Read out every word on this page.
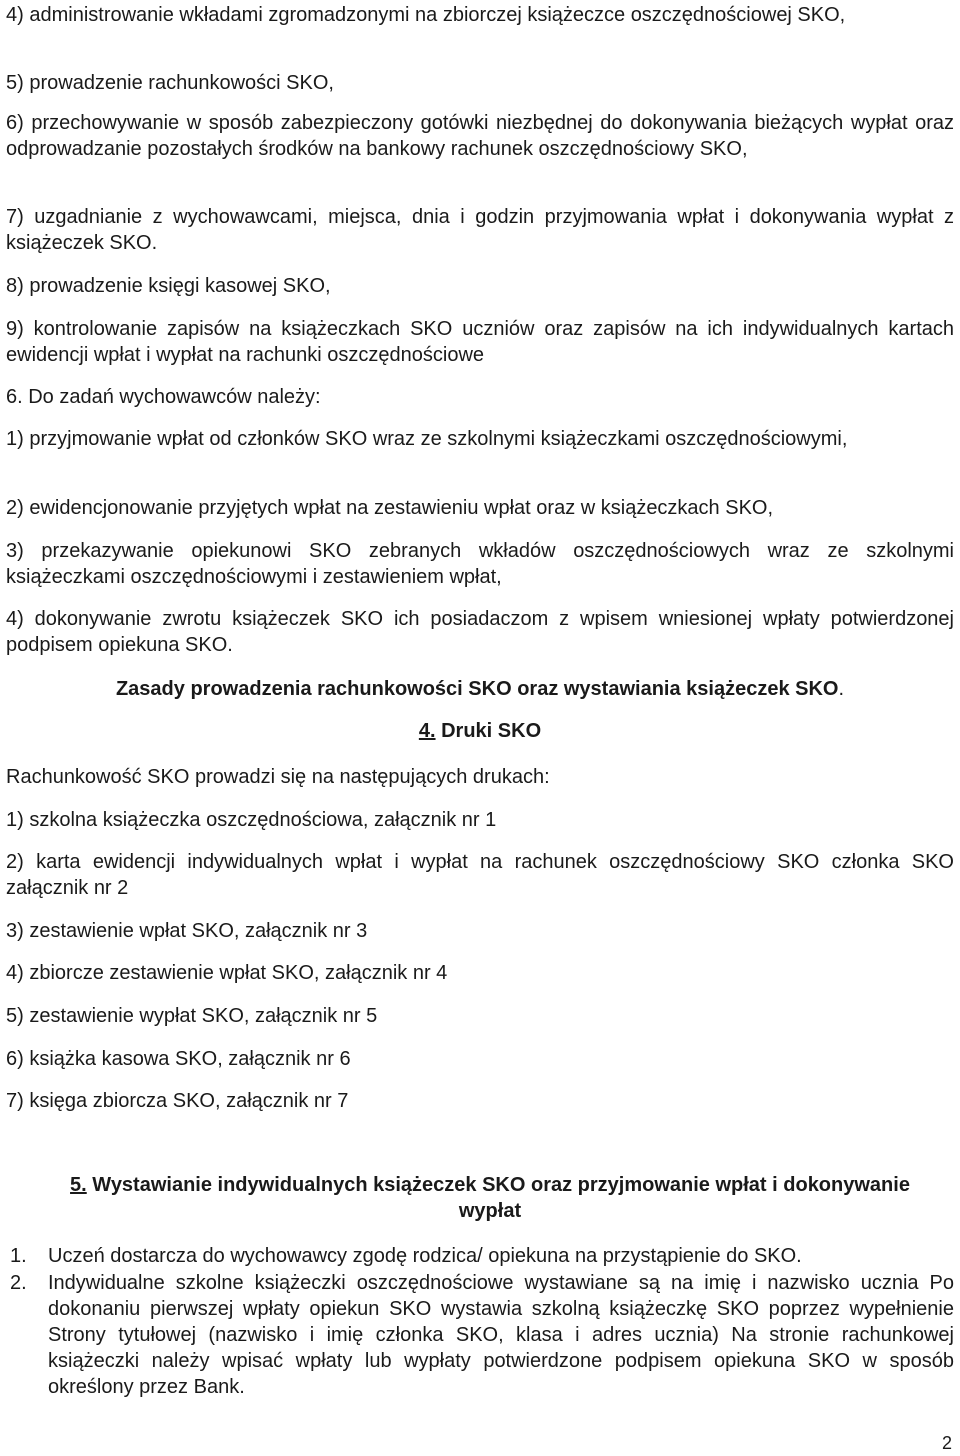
4) administrowanie wkładami zgromadzonymi na zbiorczej książeczce oszczędnościowej SKO,

5) prowadzenie rachunkowości SKO,

6) przechowywanie w sposób zabezpieczony gotówki niezbędnej do dokonywania bieżących wypłat oraz odprowadzanie pozostałych środków na bankowy rachunek oszczędnościowy SKO,

7) uzgadnianie z wychowawcami, miejsca, dnia i godzin przyjmowania wpłat i dokonywania wypłat z książeczek SKO.

8) prowadzenie księgi kasowej SKO,

9) kontrolowanie zapisów na książeczkach SKO uczniów oraz zapisów na ich indywidualnych kartach ewidencji wpłat i wypłat na rachunki oszczędnościowe

6. Do zadań wychowawców należy:

1) przyjmowanie wpłat od członków SKO wraz ze szkolnymi książeczkami oszczędnościowymi,

2) ewidencjonowanie przyjętych wpłat na zestawieniu wpłat oraz w książeczkach SKO,

3) przekazywanie opiekunowi SKO zebranych wkładów oszczędnościowych wraz ze szkolnymi książeczkami oszczędnościowymi i zestawieniem wpłat,

4) dokonywanie zwrotu książeczek SKO ich posiadaczom z wpisem wniesionej wpłaty potwierdzonej podpisem opiekuna SKO.

Zasady prowadzenia rachunkowości SKO oraz wystawiania książeczek SKO.

4. Druki SKO

Rachunkowość SKO prowadzi się na następujących drukach:

1) szkolna książeczka oszczędnościowa, załącznik nr 1

2) karta ewidencji indywidualnych wpłat i wypłat na rachunek oszczędnościowy SKO członka SKO załącznik nr 2

3) zestawienie wpłat SKO, załącznik nr 3

4) zbiorcze zestawienie wpłat SKO, załącznik nr 4

5) zestawienie wypłat SKO, załącznik nr 5

6) książka kasowa SKO, załącznik nr 6

7) księga zbiorcza SKO, załącznik nr 7

5. Wystawianie indywidualnych książeczek SKO oraz przyjmowanie wpłat i dokonywanie wypłat

1.	Uczeń dostarcza do wychowawcy zgodę rodzica/ opiekuna na przystąpienie do SKO.
2.	Indywidualne szkolne książeczki oszczędnościowe wystawiane są na imię i nazwisko ucznia Po dokonaniu pierwszej wpłaty opiekun SKO wystawia szkolną książeczkę SKO poprzez wypełnienie Strony tytułowej (nazwisko i imię członka SKO, klasa i adres ucznia) Na stronie rachunkowej książeczki należy wpisać wpłaty lub wypłaty potwierdzone podpisem opiekuna SKO w sposób określony przez Bank.
2
